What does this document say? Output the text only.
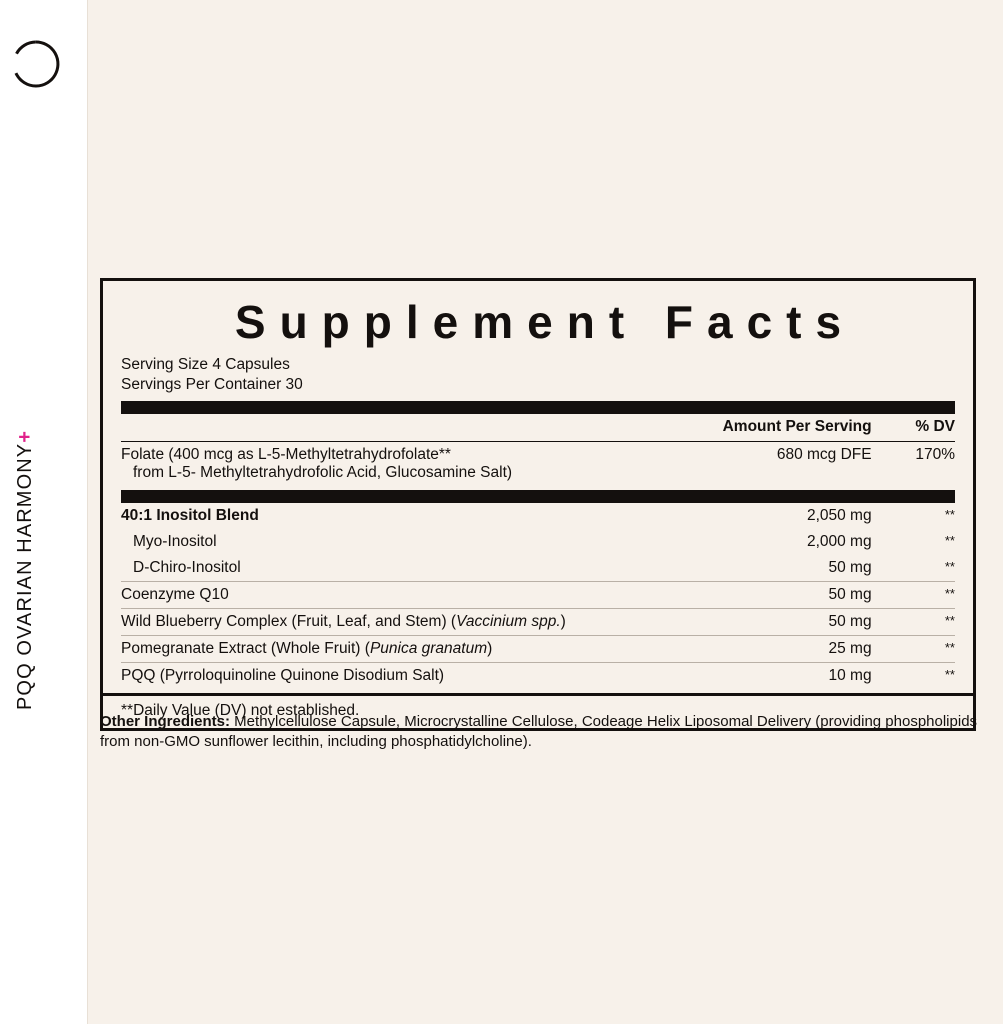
PQQ OVARIAN HARMONY+
Supplement Facts
Serving Size 4 Capsules
Servings Per Container 30
	Amount Per Serving	% DV
Folate (400 mcg as L-5-Methyltetrahydrofolate**
from L-5- Methyltetrahydrofolic Acid, Glucosamine Salt)	680 mcg DFE	170%
40:1 Inositol Blend	2,050 mg	**
Myo-Inositol	2,000 mg	**
D-Chiro-Inositol	50 mg	**
Coenzyme Q10	50 mg	**
Wild Blueberry Complex (Fruit, Leaf, and Stem) (Vaccinium spp.)	50 mg	**
Pomegranate Extract (Whole Fruit) (Punica granatum)	25 mg	**
PQQ (Pyrroloquinoline Quinone Disodium Salt)	10 mg	**
**Daily Value (DV) not established.
Other Ingredients: Methylcellulose Capsule, Microcrystalline Cellulose, Codeage Helix Liposomal Delivery (providing phospholipids from non-GMO sunflower lecithin, including phosphatidylcholine).
